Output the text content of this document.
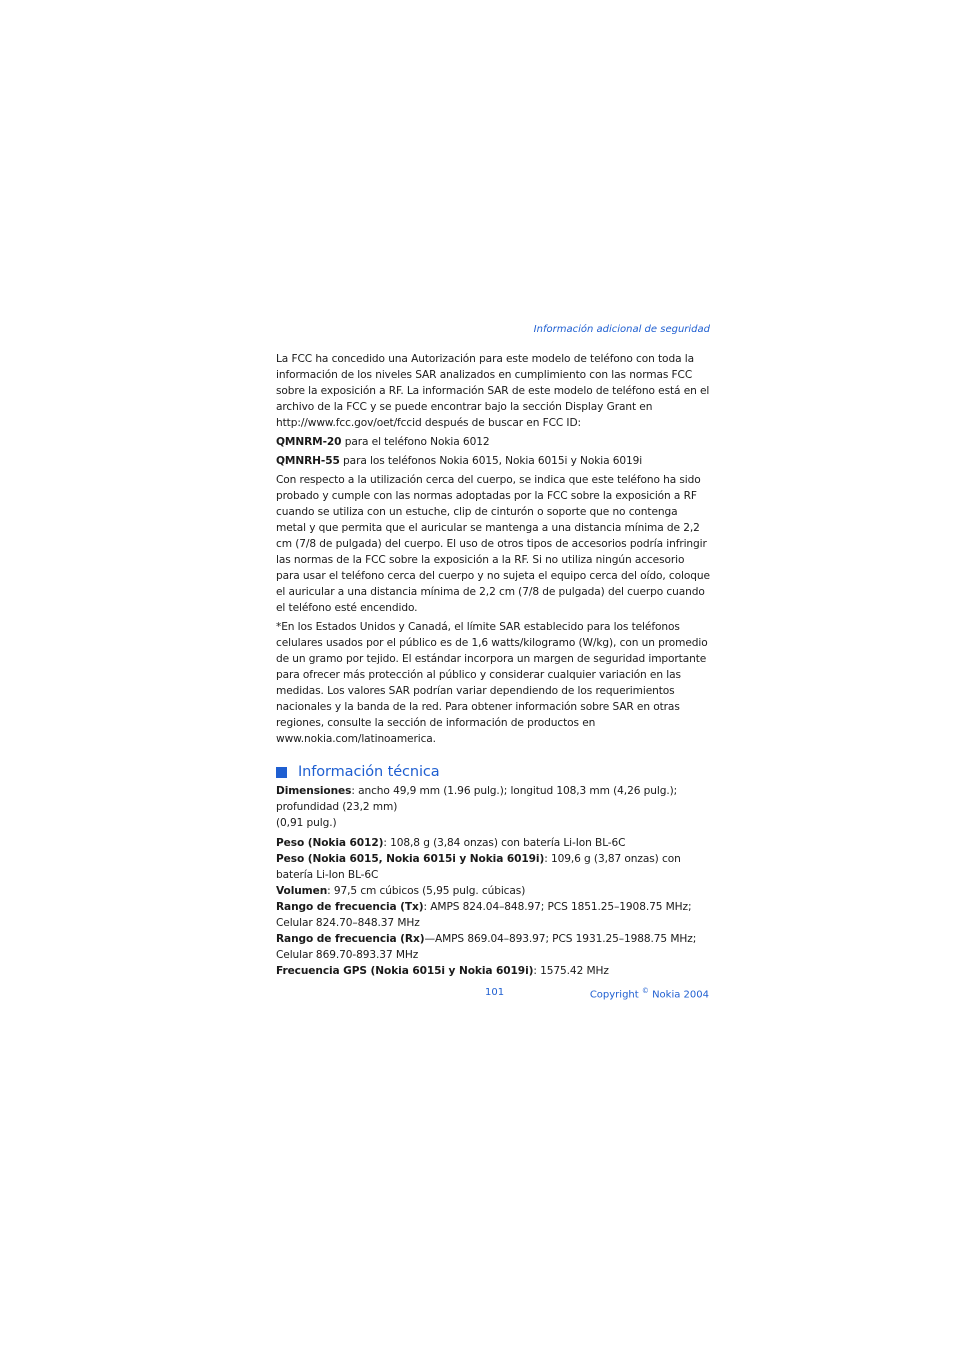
Información adicional de seguridad

La FCC ha concedido una Autorización para este modelo de teléfono con toda la información de los niveles SAR analizados en cumplimiento con las normas FCC sobre la exposición a RF. La información SAR de este modelo de teléfono está en el archivo de la FCC y se puede encontrar bajo la sección Display Grant en http://www.fcc.gov/oet/fccid después de buscar en FCC ID:

QMNRM-20 para el teléfono Nokia 6012

QMNRH-55 para los teléfonos Nokia 6015, Nokia 6015i y Nokia 6019i

Con respecto a la utilización cerca del cuerpo, se indica que este teléfono ha sido probado y cumple con las normas adoptadas por la FCC sobre la exposición a RF cuando se utiliza con un estuche, clip de cinturón o soporte que no contenga metal y que permita que el auricular se mantenga a una distancia mínima de 2,2 cm (7/8 de pulgada) del cuerpo. El uso de otros tipos de accesorios podría infringir las normas de la FCC sobre la exposición a la RF. Si no utiliza ningún accesorio para usar el teléfono cerca del cuerpo y no sujeta el equipo cerca del oído, coloque el auricular a una distancia mínima de 2,2 cm (7/8 de pulgada) del cuerpo cuando el teléfono esté encendido.

*En los Estados Unidos y Canadá, el límite SAR establecido para los teléfonos celulares usados por el público es de 1,6 watts/kilogramo (W/kg), con un promedio de un gramo por tejido. El estándar incorpora un margen de seguridad importante para ofrecer más protección al público y considerar cualquier variación en las medidas. Los valores SAR podrían variar dependiendo de los requerimientos nacionales y la banda de la red. Para obtener información sobre SAR en otras regiones, consulte la sección de información de productos en www.nokia.com/latinoamerica.

Información técnica

Dimensiones: ancho 49,9 mm (1.96 pulg.); longitud 108,3 mm (4,26 pulg.); profundidad (23,2 mm)

(0,91 pulg.)

Peso (Nokia 6012): 108,8 g (3,84 onzas) con batería Li-Ion BL-6C

Peso (Nokia 6015, Nokia 6015i y Nokia 6019i): 109,6 g (3,87 onzas) con batería Li-Ion BL-6C

Volumen: 97,5 cm cúbicos (5,95 pulg. cúbicas)

Rango de frecuencia (Tx): AMPS 824.04–848.97; PCS 1851.25–1908.75 MHz;

Celular 824.70–848.37 MHz

Rango de frecuencia (Rx)—AMPS 869.04–893.97; PCS 1931.25–1988.75 MHz;

Celular 869.70-893.37 MHz

Frecuencia GPS (Nokia 6015i y Nokia 6019i): 1575.42 MHz

101	Copyright © Nokia 2004
